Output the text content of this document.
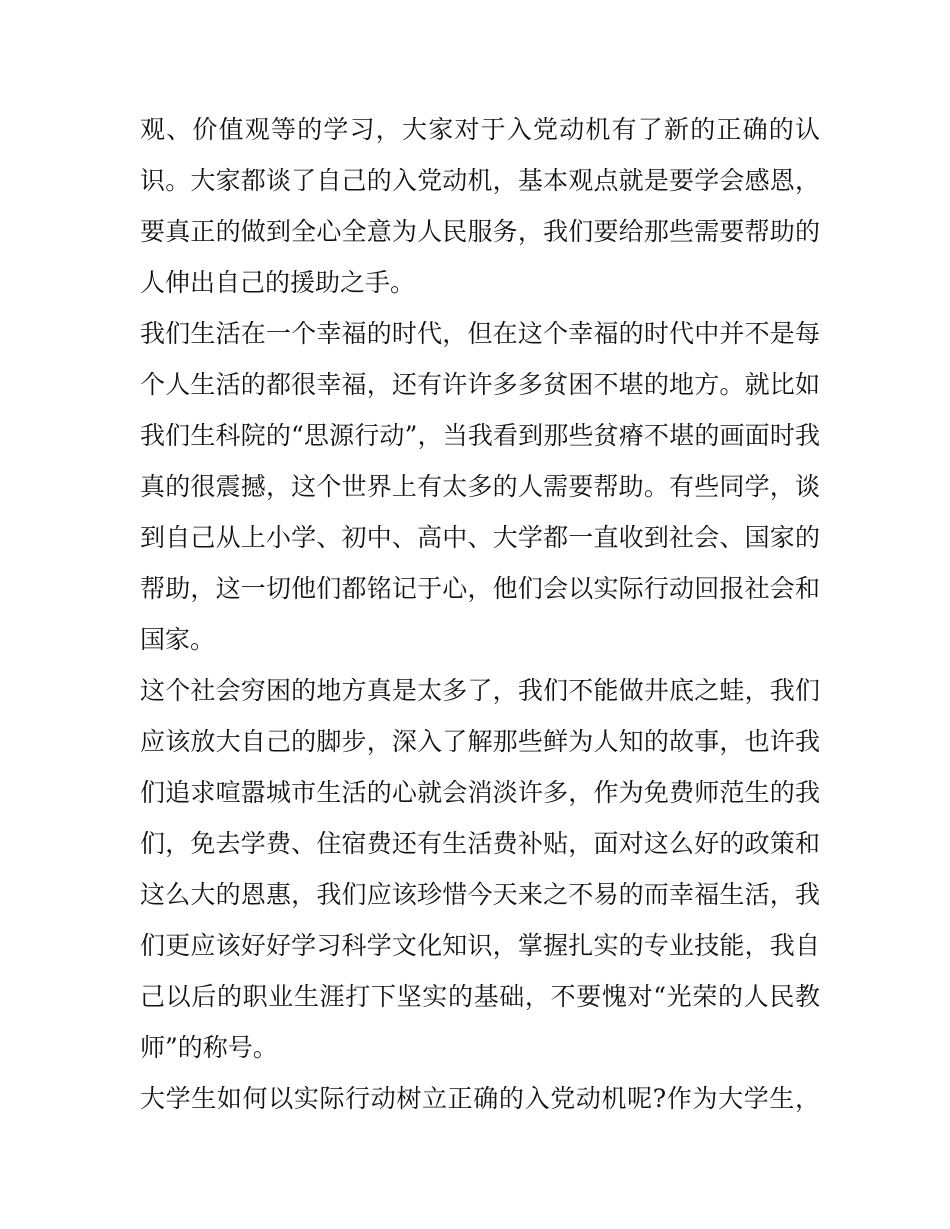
观、价值观等的学习，大家对于入党动机有了新的正确的认
识。大家都谈了自己的入党动机，基本观点就是要学会感恩，
要真正的做到全心全意为人民服务，我们要给那些需要帮助的
人伸出自己的援助之手。
我们生活在一个幸福的时代，但在这个幸福的时代中并不是每
个人生活的都很幸福，还有许许多多贫困不堪的地方。就比如
我们生科院的“思源行动”，当我看到那些贫瘠不堪的画面时我
真的很震撼，这个世界上有太多的人需要帮助。有些同学，谈
到自己从上小学、初中、高中、大学都一直收到社会、国家的
帮助，这一切他们都铭记于心，他们会以实际行动回报社会和
国家。
这个社会穷困的地方真是太多了，我们不能做井底之蛙，我们
应该放大自己的脚步，深入了解那些鲜为人知的故事，也许我
们追求喧嚣城市生活的心就会消淡许多，作为免费师范生的我
们，免去学费、住宿费还有生活费补贴，面对这么好的政策和
这么大的恩惠，我们应该珍惜今天来之不易的而幸福生活，我
们更应该好好学习科学文化知识，掌握扎实的专业技能，我自
己以后的职业生涯打下坚实的基础，不要愧对“光荣的人民教
师”的称号。
大学生如何以实际行动树立正确的入党动机呢?作为大学生，
